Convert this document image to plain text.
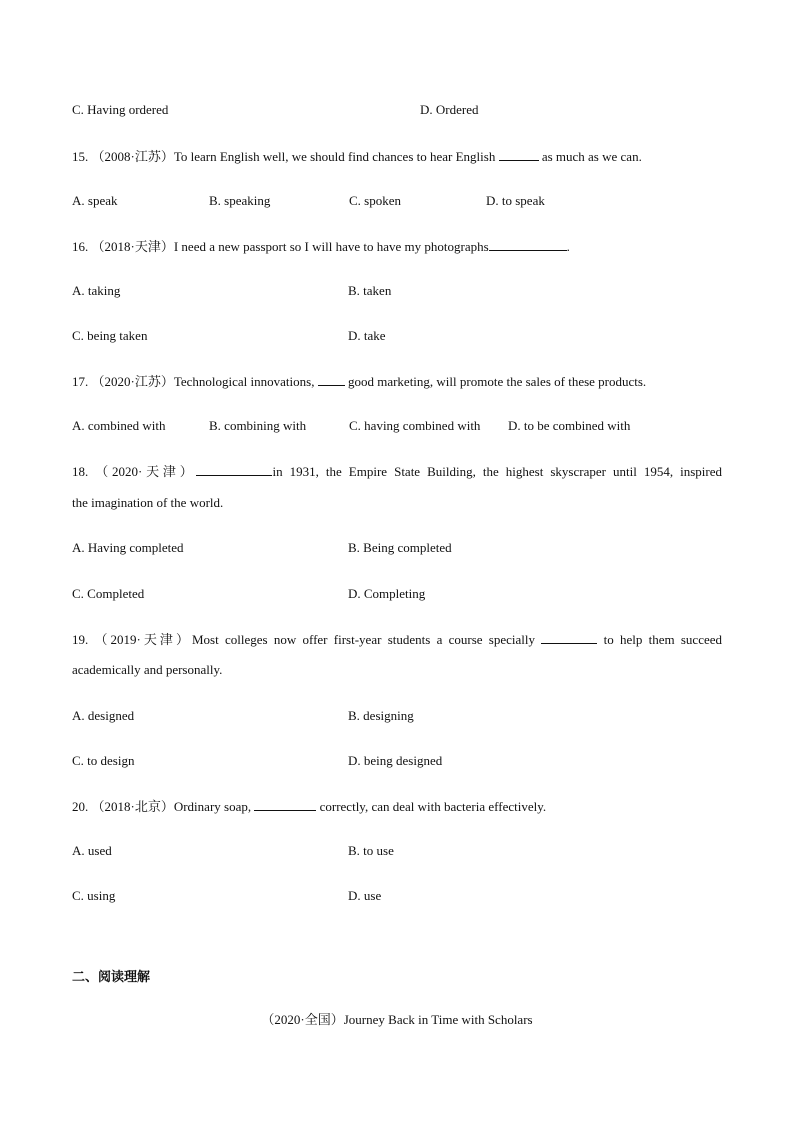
C. Having ordered	D. Ordered
15. （2008·江苏）To learn English well, we should find chances to hear English	as much as we can.
A. speak	B. speaking	C. spoken	D. to speak
16. （2018·天津）I need a new passport so I will have to have my photographs	.
A. taking	B. taken
C. being taken	D. take
17. （2020·江苏）Technological innovations,	good marketing, will promote the sales of these products.
A. combined with	B. combining with	C. having combined with D. to be combined with
18. （2020·天津）	in 1931, the Empire State Building, the highest skyscraper until 1954, inspired
the imagination of the world.
A. Having completed	B. Being completed
C. Completed	D. Completing
19. （2019·天津）Most colleges now offer first-year students a course specially	to help them succeed
academically and personally.
A. designed	B. designing
C. to design	D. being designed
20. （2018·北京）Ordinary soap,	correctly, can deal with bacteria effectively.
A. used	B. to use
C. using	D. use
二、阅读理解
（2020·全国）Journey Back in Time with Scholars
